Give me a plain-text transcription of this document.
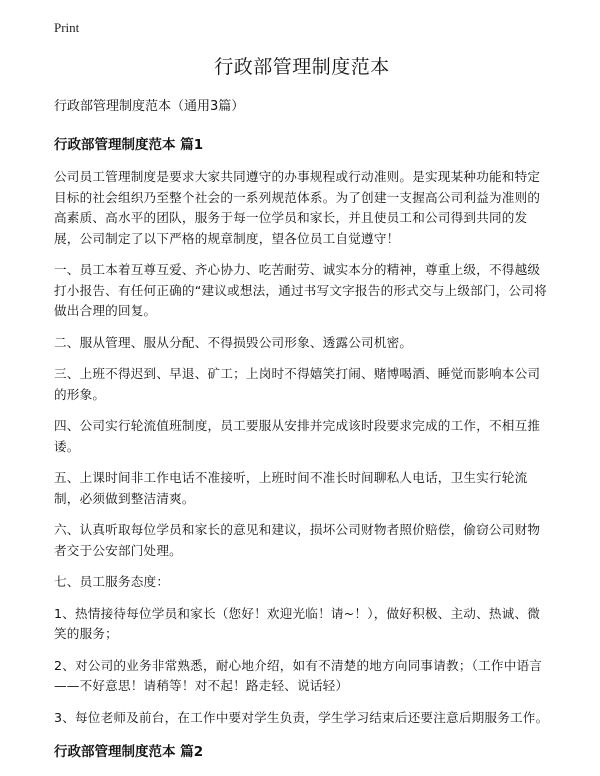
Print
行政部管理制度范本

行政部管理制度范本（通用3篇）

行政部管理制度范本 篇1

公司员工管理制度是要求大家共同遵守的办事规程或行动准则。是实现某种功能和特定目标的社会组织乃至整个社会的一系列规范体系。为了创建一支握高公司利益为准则的高素质、高水平的团队，服务于每一位学员和家长，并且使员工和公司得到共同的发展，公司制定了以下严格的规章制度，望各位员工自觉遵守！

一、员工本着互尊互爱、齐心协力、吃苦耐劳、诚实本分的精神，尊重上级，不得越级打小报告、有任何正确的“建议或想法，通过书写文字报告的形式交与上级部门，公司将做出合理的回复。

二、服从管理、服从分配、不得损毁公司形象、透露公司机密。

三、上班不得迟到、早退、矿工；上岗时不得嬉笑打闹、赌博喝酒、睡觉而影响本公司的形象。

四、公司实行轮流值班制度，员工要服从安排并完成该时段要求完成的工作，不相互推诿。

五、上课时间非工作电话不准接听，上班时间不准长时间聊私人电话，卫生实行轮流制，必须做到整洁清爽。

六、认真听取每位学员和家长的意见和建议，损坏公司财物者照价赔偿，偷窃公司财物者交于公安部门处理。

七、员工服务态度：

1、热情接待每位学员和家长（您好！欢迎光临！请~！），做好积极、主动、热诚、微笑的服务；

2、对公司的业务非常熟悉，耐心地介绍，如有不清楚的地方向同事请教；（工作中语言——不好意思！请稍等！对不起！路走轻、说话轻）

3、每位老师及前台，在工作中要对学生负责，学生学习结束后还要注意后期服务工作。

行政部管理制度范本 篇2
